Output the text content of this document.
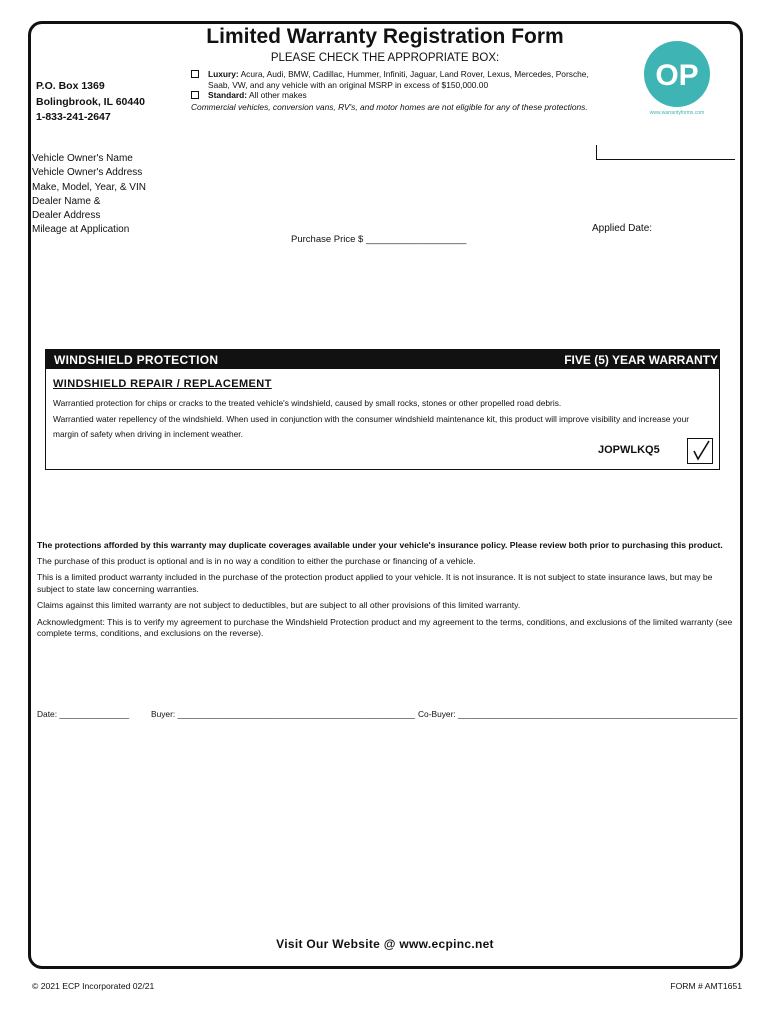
Limited Warranty Registration Form
PLEASE CHECK THE APPROPRIATE BOX:
P.O. Box 1369
Bolingbrook, IL 60440
1-833-241-2647
Luxury: Acura, Audi, BMW, Cadillac, Hummer, Infiniti, Jaguar, Land Rover, Lexus, Mercedes, Porsche, Saab, VW, and any vehicle with an original MSRP in excess of $150,000.00
Standard: All other makes
Commercial vehicles, conversion vans, RV's, and motor homes are not eligible for any of these protections.
OP
www.warrantyforms.com
Vehicle Owner's Name
Vehicle Owner's Address
Make, Model, Year, & VIN
Dealer Name &
Dealer Address
Mileage at Application	Applied Date:
Purchase Price $ ___________________
WINDSHIELD PROTECTION	FIVE (5) YEAR WARRANTY
WINDSHIELD REPAIR / REPLACEMENT
Warrantied protection for chips or cracks to the treated vehicle's windshield, caused by small rocks, stones or other propelled road debris.
Warrantied water repellency of the windshield. When used in conjunction with the consumer windshield maintenance kit, this product will improve visibility and increase your margin of safety when driving in inclement weather.
JOPWLKQ5

The protections afforded by this warranty may duplicate coverages available under your vehicle's insurance policy. Please review both prior to purchasing this product.

The purchase of this product is optional and is in no way a condition to either the purchase or financing of a vehicle.

This is a limited product warranty included in the purchase of the protection product applied to your vehicle. It is not insurance. It is not subject to state insurance laws, but may be subject to state law concerning warranties.

Claims against this limited warranty are not subject to deductibles, but are subject to all other provisions of this limited warranty.

Acknowledgment: This is to verify my agreement to purchase the Windshield Protection product and my agreement to the terms, conditions, and exclusions of the limited warranty (see complete terms, conditions, and exclusions on the reverse).

Date: _______________	Buyer: ___________________________________________________ Co-Buyer: ____________________________________________________________
Visit Our Website @ www.ecpinc.net
© 2021 ECP Incorporated 02/21	FORM # AMT1651
